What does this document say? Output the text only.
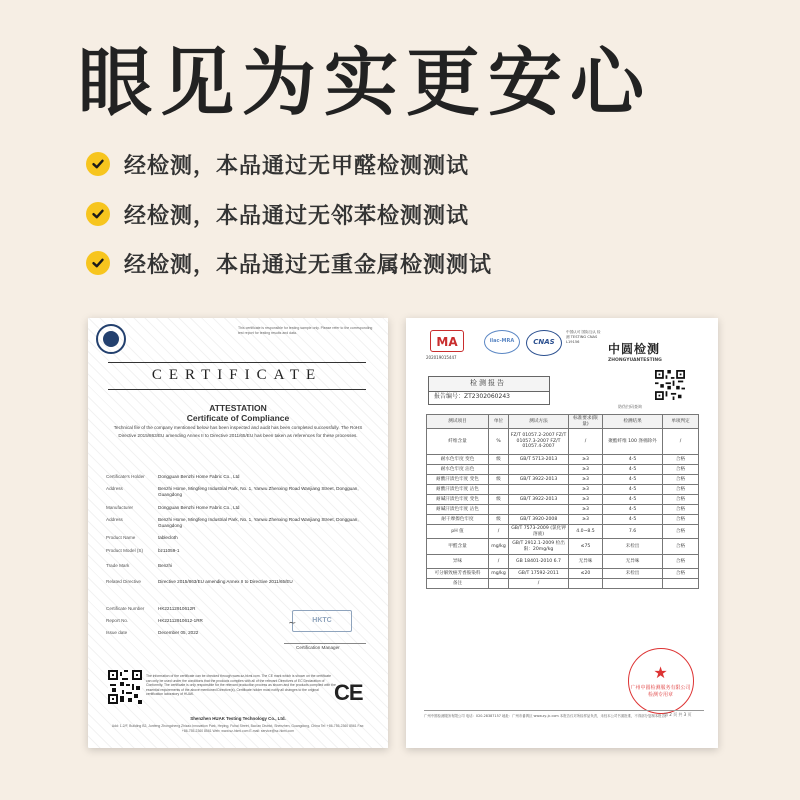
眼见为实更安心
经检测，本品通过无甲醛检测测试
经检测，本品通过无邻苯检测测试
经检测，本品通过无重金属检测测试
This certificate is responsible for testing sample only. Please refer to the corresponding test report for testing results and data.
CERTIFICATE
ATTESTATION
Certificate of Compliance
Technical file of the company mentioned below has been inspected and audit has been completed successfully. The RoHS Directive 2015/863/EU amending Annex II to Directive 2011/65/EU has been taken as references for these processes.
Certificate's Holder	Dongguan Benzhi Home Fabric Co., Ltd
Address	Benzhi Home, Mingfeng Industrial Park, No. 1, Yanwu Zhenxing Road Wanjiang Street, Dongguan, Guangdong
Manufacturer	Dongguan Benzhi Home Fabric Co., Ltd
Address	Benzhi Home, Mingfeng Industrial Park, No. 1, Yanwu Zhenxing Road Wanjiang Street, Dongguan, Guangdong
Product Name	tablecloth
Product Model (S)	bz11059-1
Trade Mark	Benzhi
Related Directive	Directive 2015/863/EU amending Annex II to Directive 2011/65/EU
Certificate Number	HK22112910612R
Report No.	HK22112910612-1RR
Issue date	December 05, 2022
HKTC
~
Certification Manager
The information of the certificate can be checked through www.sz-hkmi.com. The CE mark which is shown on the certificate can only be used under the conditions that the products complies with all of the relevant Directives of EC Declaration of Conformity. The certificate is only responsible for the relevant production process as shown and the products complied with the essential requirements of the above mentioned Directive(s). Certificate holder must notify all changes to the original certification laboratory of HUAK.	CE
Shenzhen HUAK Testing Technology Co., Ltd.
Add: 1-2/F, Building B2, Junfeng Zhongcheng Zhizao Innovation Park, Heping, Fuhai Street, Bao'an District, Shenzhen, Guangdong, China Tel: +86-755-2360 8561 Fax: +86-755-2360 8561 Web: www.sz-hkmi.com E-mail: service@sz-hkmi.com
MA
202019015447
ilac-MRA	CNAS
中国认可 国际互认 检测 TESTING CNAS L19156	中圆检测
ZHONGYUANTESTING
防伪扫码查询
检测报告
报告编号：ZT2302060243
测试项目	单位	测试方法	标准要求(限量)	检测结果	单项判定
纤维含量	%	FZ/T 01057.2-2007 FZ/T 01057.3-2007 FZ/T 01057.4-2007	/	聚酯纤维 100 涤棉除外	/
耐水色牢度 变色	级	GB/T 5713-2013	≥3	4-5	合格
耐水色牢度 沾色			≥3	4-5	合格
耐酸汗渍色牢度 变色	级	GB/T 3922-2013	≥3	4-5	合格
耐酸汗渍色牢度 沾色			≥3	4-5	合格
耐碱汗渍色牢度 变色	级	GB/T 3922-2013	≥3	4-5	合格
耐碱汗渍色牢度 沾色			≥3	4-5	合格
耐干摩擦色牢度	级	GB/T 3920-2008	≥3	4-5	合格
pH 值	/	GB/T 7573-2009 (氯化钾溶液)	4.0~8.5	7.6	合格
甲醛含量	mg/kg	GB/T 2912.1-2009 检出限：20mg/kg	≤75	未检出	合格
异味	/	GB 18401-2010 6.7	无异味	无异味	合格
可分解致癌芳香胺染料	mg/kg	GB/T 17592-2011	≤20	未检出	合格
备注		/			
★
广州中圆检测服务有限公司 检测专用章
广州中圆检测服务有限公司 电话：020-28387157 地址：广州市番禺区 www.zy-jc.com 本报告仅对所检样品负责，未经本公司书面批准，不得部分复制本报告。
第 2 页 共 3 页
